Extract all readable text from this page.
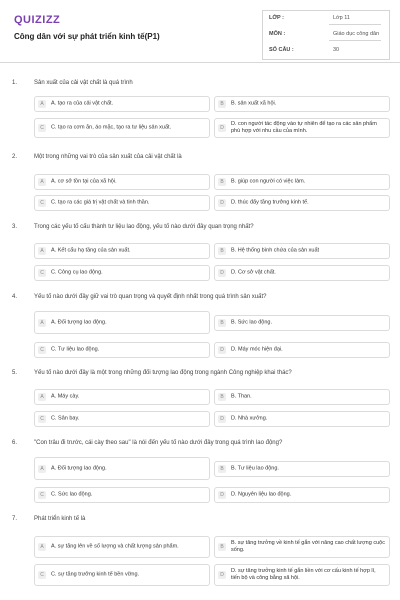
QUIZIZZ
Công dân với sự phát triển kinh tế(P1)
LỚP :	Lớp 11
MÔN :	Giáo dục công dân
SỐ CÂU :	30
1.	Sản xuất của cải vật chất là quá trình
A	A. tạo ra của cải vật chất.	B	B. sản xuất xã hội.
C	C. tạo ra cơm ăn, áo mặc, tạo ra tư liệu sản xuất.	D
D. con người tác động vào tự nhiên để tạo ra các sản phẩm phù hợp với nhu cầu của mình.
2.	Một trong những vai trò của sản xuất của cải vật chất là
A	A. cơ sở tồn tại của xã hội.	B	B. giúp con người có việc làm.
C	C. tạo ra các giá trị vật chất và tinh thần.	D	D. thúc đẩy tăng trưởng kinh tế.
3.	Trong các yếu tố cấu thành tư liệu lao động, yếu tố nào dưới đây quan trọng nhất?
A	A. Kết cấu hạ tầng của sản xuất.	B	B. Hệ thống bình chứa của sản xuất
C	C. Công cụ lao động.	D	D. Cơ sở vật chất.
4.	Yếu tố nào dưới đây giữ vai trò quan trọng và quyết định nhất trong quá trình sản xuất?
A	A. Đối tượng lao động.	B	B. Sức lao động.
C	C. Tư liệu lao động.	D	D. Máy móc hiện đại.
5.	Yếu tố nào dưới đây là một trong những đối tượng lao động trong ngành Công nghiệp khai thác?
A	A. Máy cày.	B	B. Than.
C	C. Sân bay.	D	D. Nhà xưởng.
6.	"Con trâu đi trước, cái cày theo sau" là nói đến yếu tố nào dưới đây trong quá trình lao động?
A	A. Đối tượng lao động.	B	B. Tư liệu lao động.
C	C. Sức lao động.	D	D. Nguyên liệu lao động.
7.	Phát triển kinh tế là
A	A. sự tăng lên về số lượng và chất lượng sản phẩm.	B
B. sự tăng trưởng về kinh tế gắn với nâng cao chất lượng cuộc sống.
C	C. sự tăng trưởng kinh tế bền vững.	D
D. sự tăng trưởng kinh tế gắn liền với cơ cấu kinh tế hợp lí, tiến bộ và công bằng xã hội.
